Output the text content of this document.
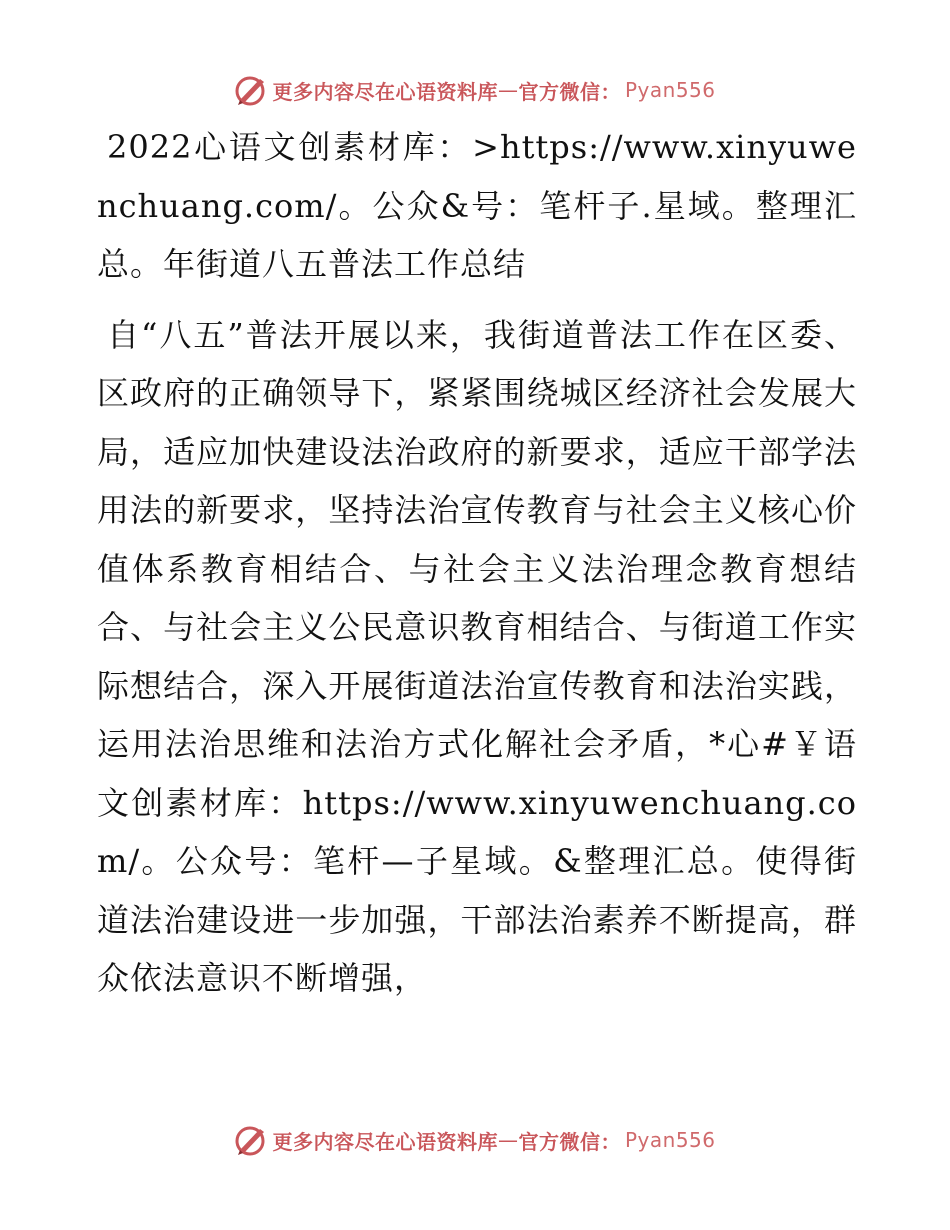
更多内容尽在心语资料库 — 官方微信： Pyan556

2022心语文创素材库：>https://www.xinyuwenchuang.com/。公众&号：笔杆子.星域。整理汇总。年街道八五普法工作总结

自“八五”普法开展以来，我街道普法工作在区委、区政府的正确领导下，紧紧围绕城区经济社会发展大局，适应加快建设法治政府的新要求，适应干部学法用法的新要求，坚持法治宣传教育与社会主义核心价值体系教育相结合、与社会主义法治理念教育想结合、与社会主义公民意识教育相结合、与街道工作实际想结合，深入开展街道法治宣传教育和法治实践，运用法治思维和法治方式化解社会矛盾，*心#￥语文创素材库：https://www.xinyuwenchuang.com/。公众号：笔杆—子星域。&整理汇总。使得街道法治建设进一步加强，干部法治素养不断提高，群众依法意识不断增强，

更多内容尽在心语资料库 — 官方微信： Pyan556
